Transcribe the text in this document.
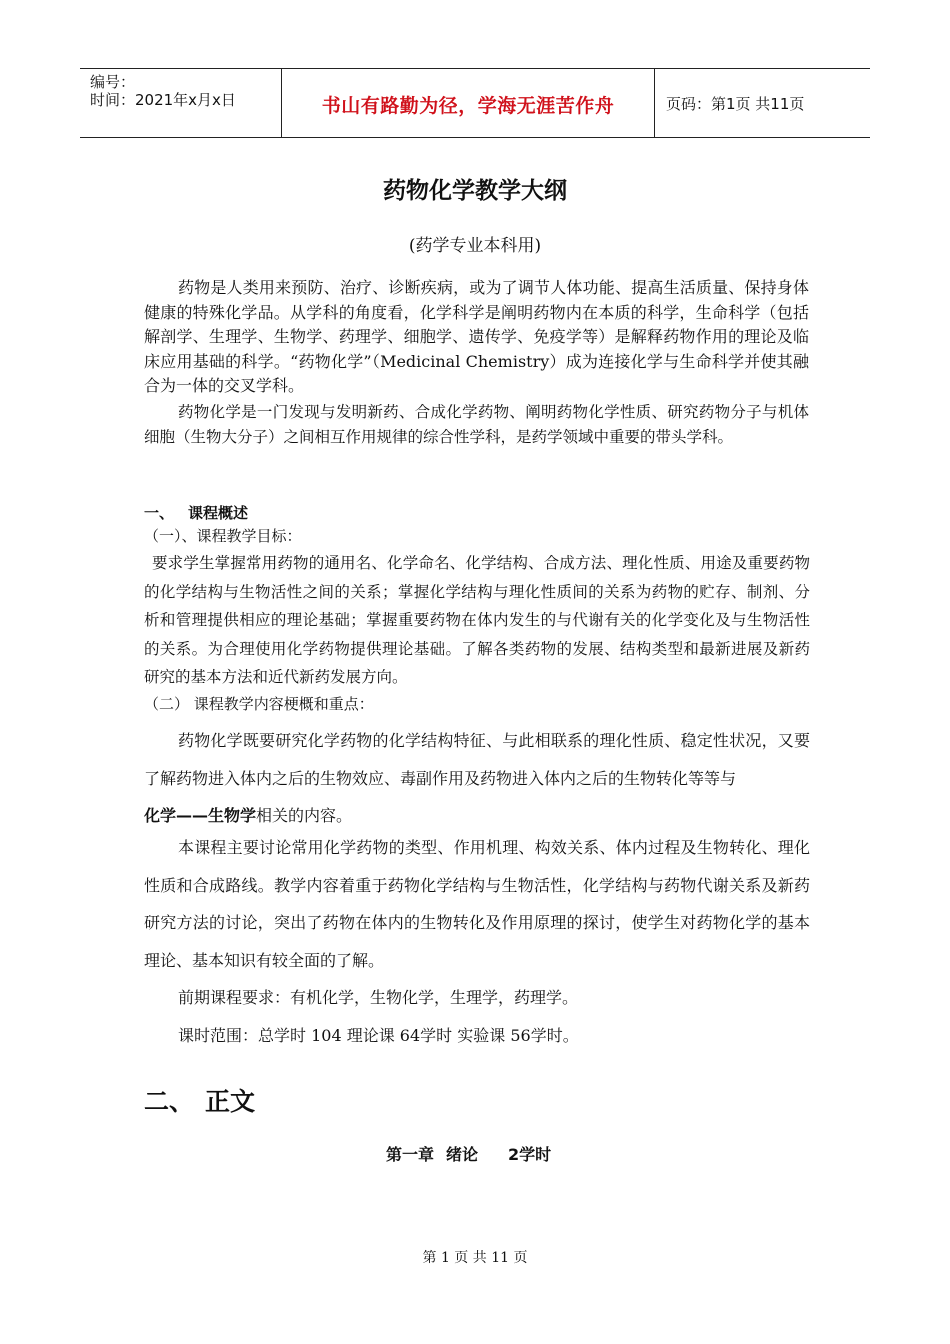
编号：
时间：2021年x月x日	书山有路勤为径，学海无涯苦作舟	页码：第1页 共11页
药物化学教学大纲
(药学专业本科用)
药物是人类用来预防、治疗、诊断疾病，或为了调节人体功能、提高生活质量、保持身体健康的特殊化学品。从学科的角度看，化学科学是阐明药物内在本质的科学，生命科学（包括解剖学、生理学、生物学、药理学、细胞学、遗传学、免疫学等）是解释药物作用的理论及临床应用基础的科学。“药物化学”（Medicinal Chemistry）成为连接化学与生命科学并使其融合为一体的交叉学科。
药物化学是一门发现与发明新药、合成化学药物、阐明药物化学性质、研究药物分子与机体细胞（生物大分子）之间相互作用规律的综合性学科，是药学领域中重要的带头学科。
一、 课程概述
（一）、课程教学目标：
要求学生掌握常用药物的通用名、化学命名、化学结构、合成方法、理化性质、用途及重要药物的化学结构与生物活性之间的关系；掌握化学结构与理化性质间的关系为药物的贮存、制剂、分析和管理提供相应的理论基础；掌握重要药物在体内发生的与代谢有关的化学变化及与生物活性的关系。为合理使用化学药物提供理论基础。了解各类药物的发展、结构类型和最新进展及新药研究的基本方法和近代新药发展方向。
（二） 课程教学内容梗概和重点：

药物化学既要研究化学药物的化学结构特征、与此相联系的理化性质、稳定性状况，又要了解药物进入体内之后的生物效应、毒副作用及药物进入体内之后的生物转化等等与

化学——生物学相关的内容。

本课程主要讨论常用化学药物的类型、作用机理、构效关系、体内过程及生物转化、理化性质和合成路线。教学内容着重于药物化学结构与生物活性，化学结构与药物代谢关系及新药研究方法的讨论，突出了药物在体内的生物转化及作用原理的探讨，使学生对药物化学的基本理论、基本知识有较全面的了解。

前期课程要求：有机化学，生物化学，生理学，药理学。

课时范围：总学时 104 理论课 64学时 实验课 56学时。

二、 正文
第一章 绪论 2学时
第 1 页 共 11 页
